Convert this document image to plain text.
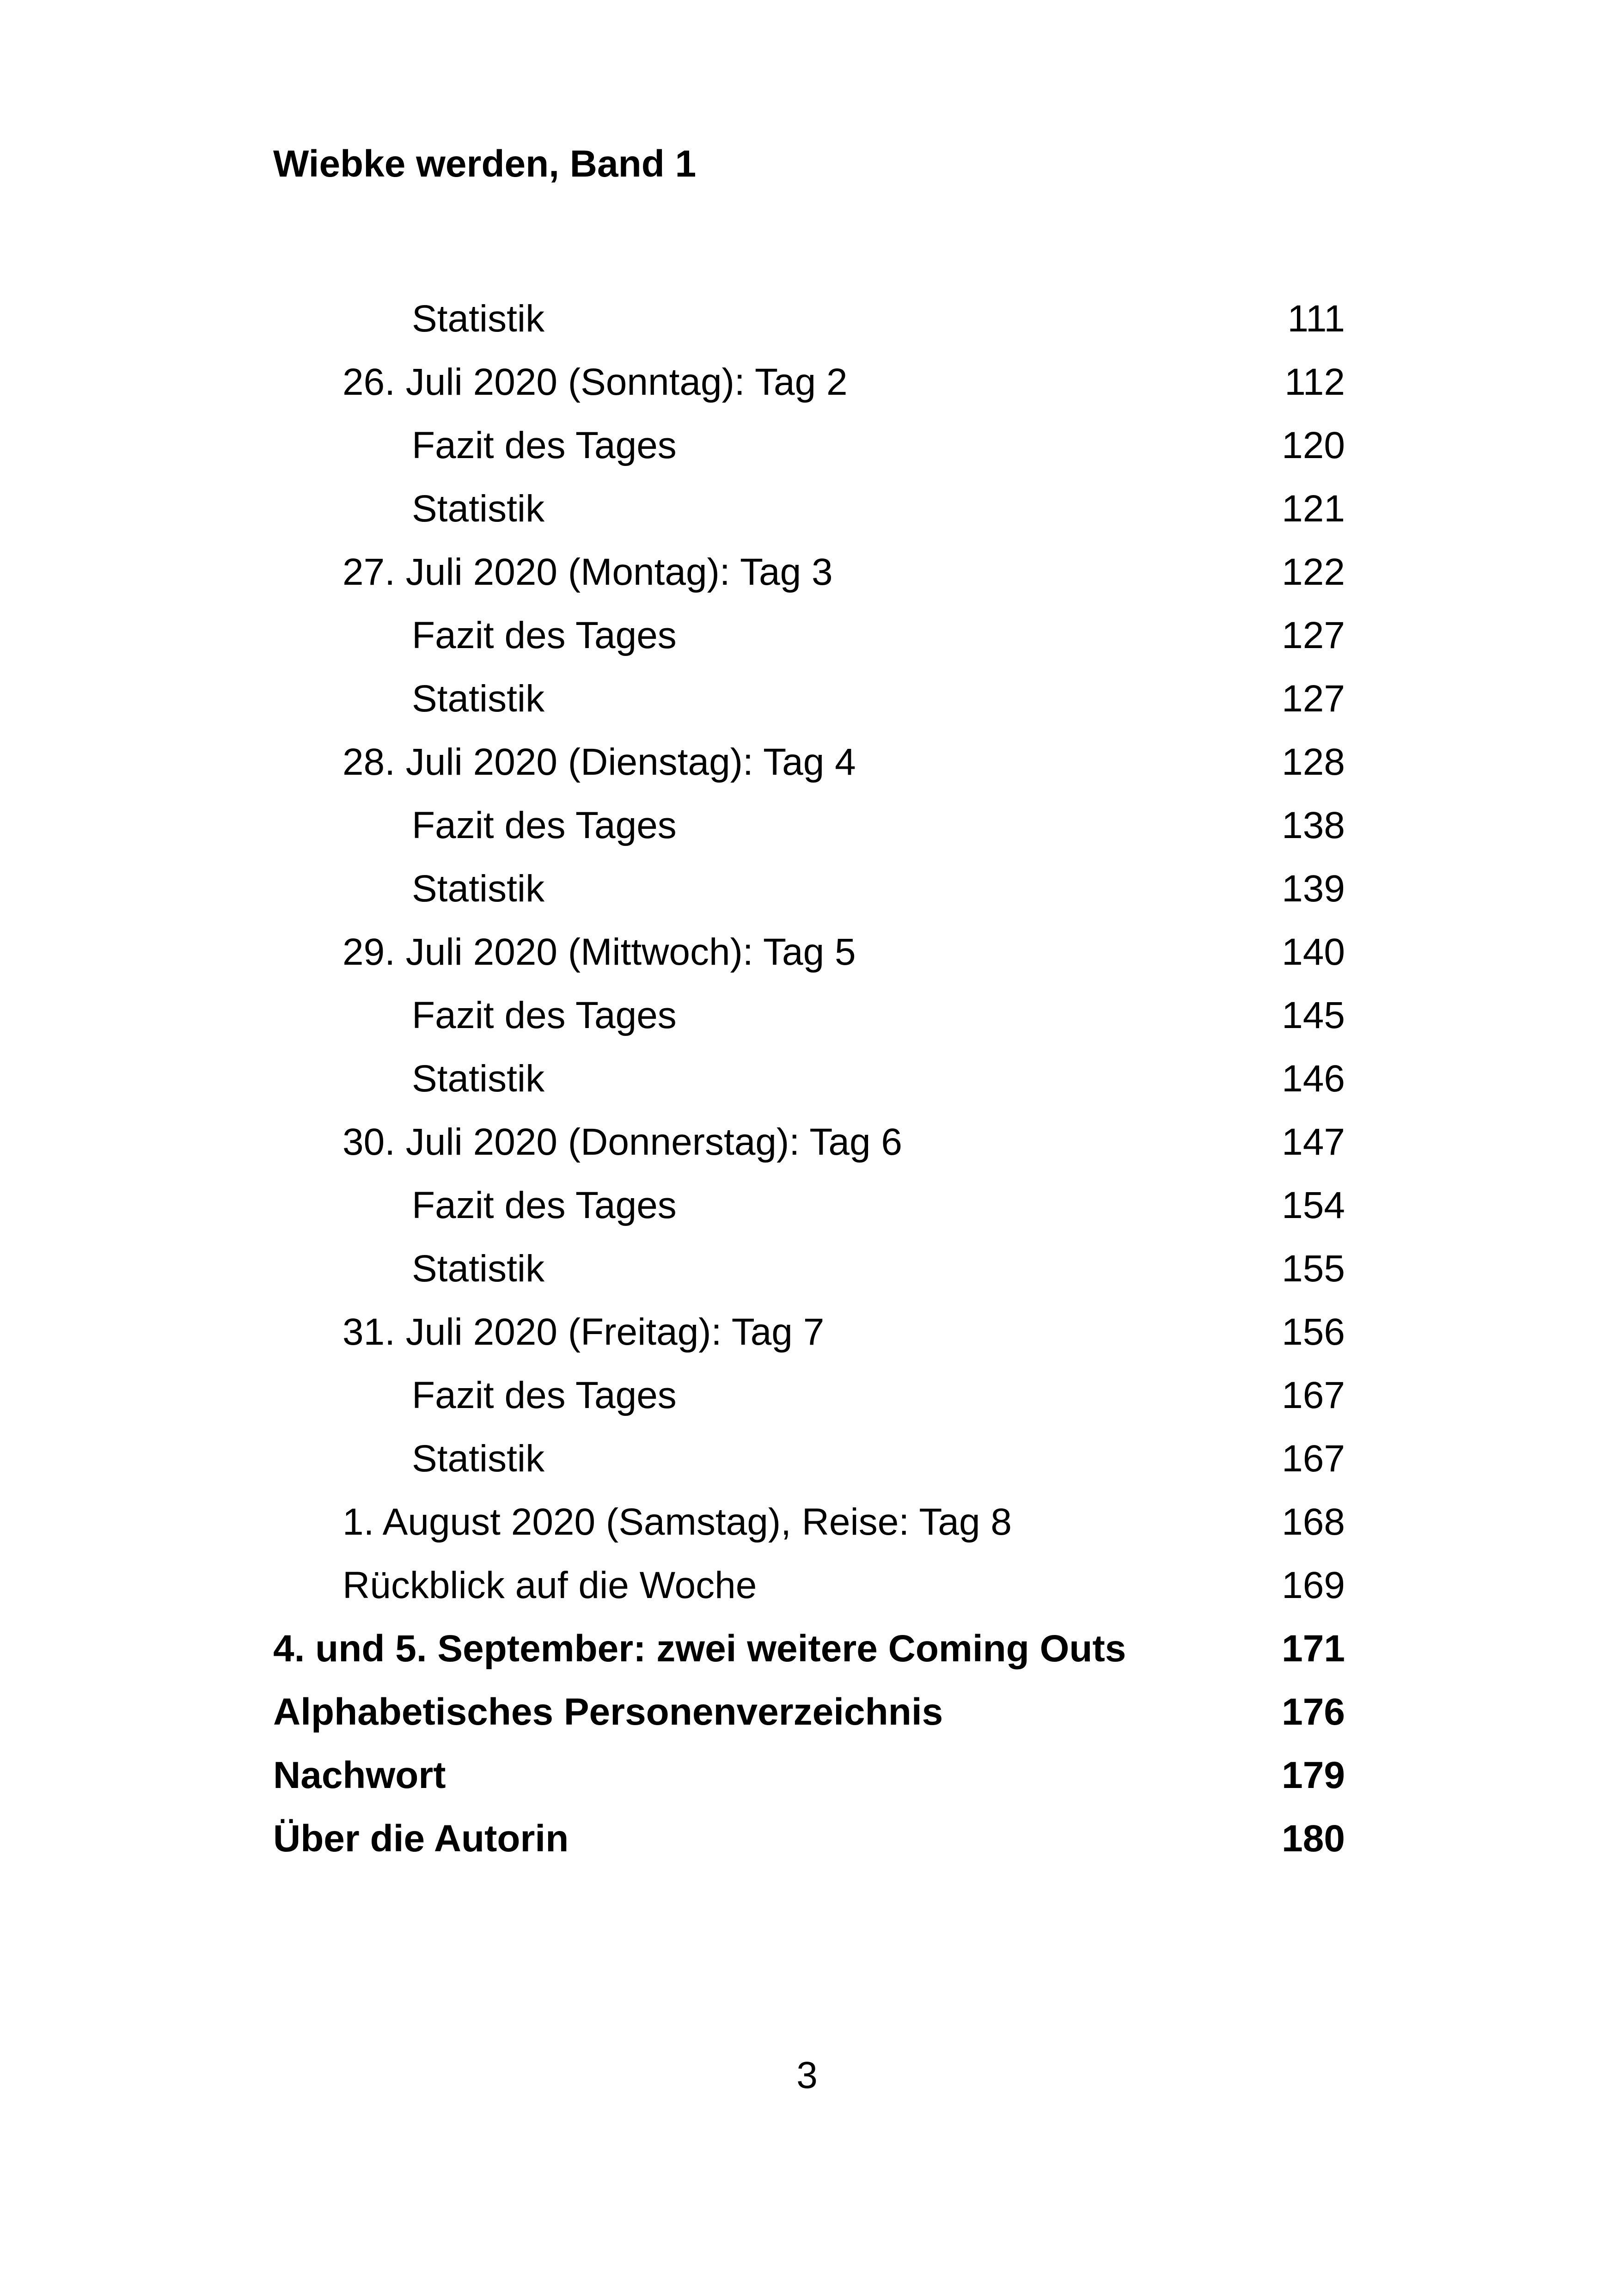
Wiebke werden, Band 1
Statistik	111
26. Juli 2020 (Sonntag): Tag 2	112
Fazit des Tages	120
Statistik	121
27. Juli 2020 (Montag): Tag 3	122
Fazit des Tages	127
Statistik	127
28. Juli 2020 (Dienstag): Tag 4	128
Fazit des Tages	138
Statistik	139
29. Juli 2020 (Mittwoch): Tag 5	140
Fazit des Tages	145
Statistik	146
30. Juli 2020 (Donnerstag): Tag 6	147
Fazit des Tages	154
Statistik	155
31. Juli 2020 (Freitag): Tag 7	156
Fazit des Tages	167
Statistik	167
1. August 2020 (Samstag), Reise: Tag 8	168
Rückblick auf die Woche	169
4. und 5. September: zwei weitere Coming Outs	171
Alphabetisches Personenverzeichnis	176
Nachwort	179
Über die Autorin	180
3
